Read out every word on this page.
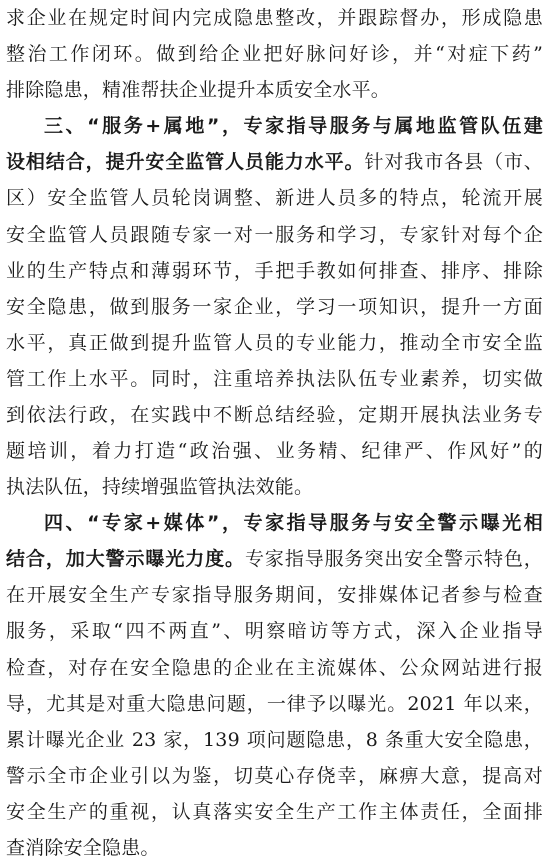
求企业在规定时间内完成隐患整改，并跟踪督办，形成隐患
整治工作闭环。做到给企业把好脉问好诊，并“对症下药”
排除隐患，精准帮扶企业提升本质安全水平。
三、“服务+属地”，专家指导服务与属地监管队伍建
设相结合，提升安全监管人员能力水平。针对我市各县（市、
区）安全监管人员轮岗调整、新进人员多的特点，轮流开展
安全监管人员跟随专家一对一服务和学习，专家针对每个企
业的生产特点和薄弱环节，手把手教如何排查、排序、排除
安全隐患，做到服务一家企业，学习一项知识，提升一方面
水平，真正做到提升监管人员的专业能力，推动全市安全监
管工作上水平。同时，注重培养执法队伍专业素养，切实做
到依法行政，在实践中不断总结经验，定期开展执法业务专
题培训，着力打造“政治强、业务精、纪律严、作风好”的
执法队伍，持续增强监管执法效能。
四、“专家+媒体”，专家指导服务与安全警示曝光相
结合，加大警示曝光力度。专家指导服务突出安全警示特色，
在开展安全生产专家指导服务期间，安排媒体记者参与检查
服务，采取“四不两直”、明察暗访等方式，深入企业指导
检查，对存在安全隐患的企业在主流媒体、公众网站进行报
导，尤其是对重大隐患问题，一律予以曝光。2021 年以来，
累计曝光企业 23 家，139 项问题隐患，8 条重大安全隐患，
警示全市企业引以为鉴，切莫心存侥幸，麻痹大意，提高对
安全生产的重视，认真落实安全生产工作主体责任，全面排
查消除安全隐患。
